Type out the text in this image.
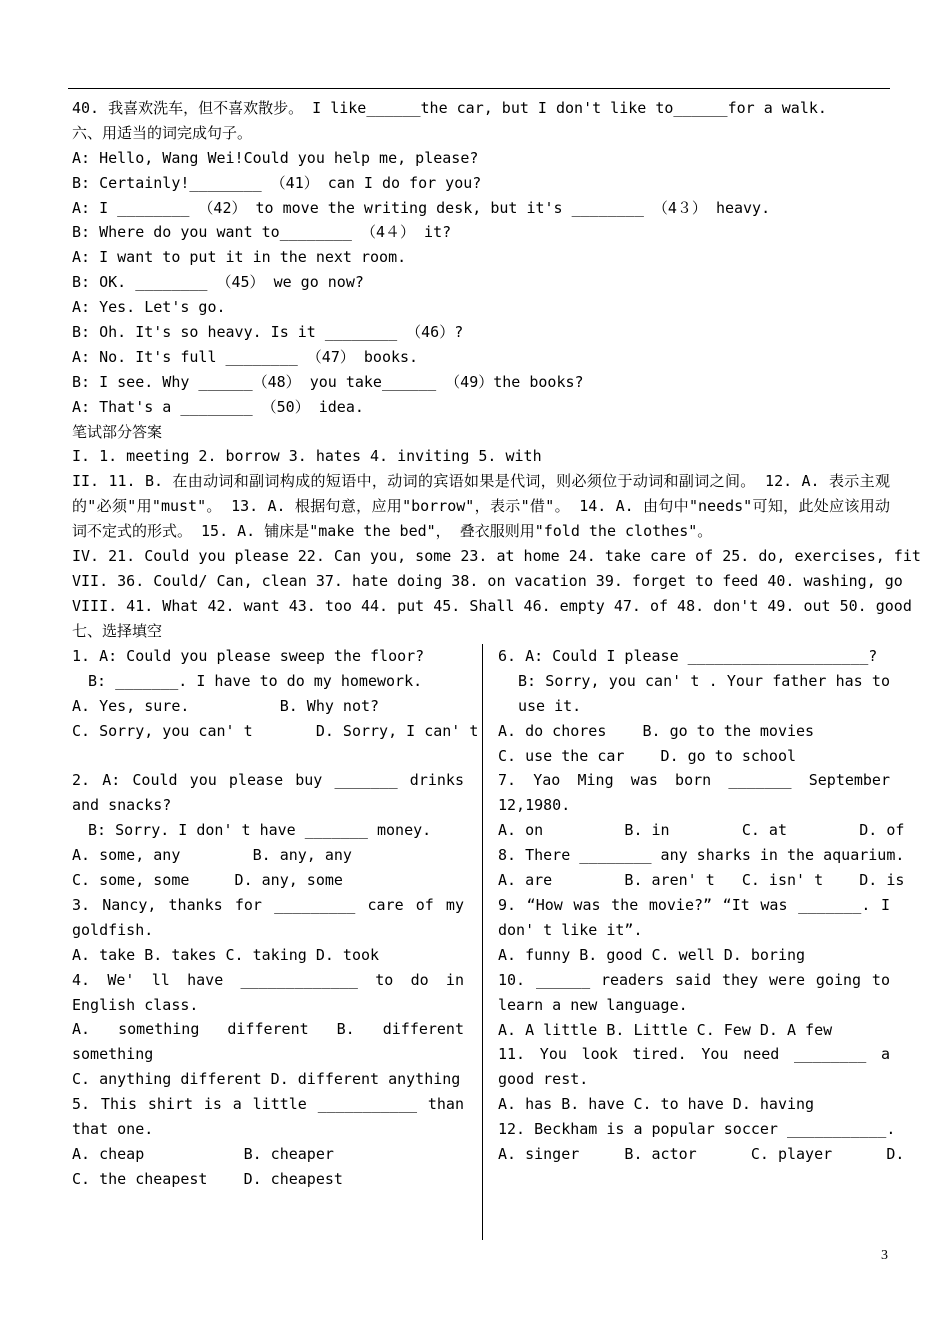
40. 我喜欢洗车，但不喜欢散步。 I like______the car, but I don't like to______for a walk.
六、用适当的词完成句子。
A: Hello, Wang Wei!Could you help me, please?
B: Certainly!________ （41） can I do for you?
A: I ________ （42） to move the writing desk, but it's ________ （4３） heavy.
B: Where do you want to________ （4４） it?
A: I want to put it in the next room.
B: OK. ________ （45） we go now?
A: Yes. Let's go.
B: Oh. It's so heavy. Is it ________ （46）?
A: No. It's full ________ （47） books.
B: I see. Why ______（48） you take______ （49）the books?
A: That's a ________ （50） idea.
笔试部分答案
I. 1. meeting 2. borrow 3. hates 4. inviting 5. with
II. 11. B. 在由动词和副词构成的短语中，动词的宾语如果是代词，则必须位于动词和副词之间。 12. A. 表示主观的"必须"用"must"。 13. A. 根据句意，应用"borrow"，表示"借"。 14. A. 由句中"needs"可知，此处应该用动词不定式的形式。 15. A. 铺床是"make the bed"， 叠衣服则用"fold the clothes"。
IV. 21. Could you please 22. Can you, some 23. at home 24. take care of 25. do, exercises, fit
VII. 36. Could/ Can, clean 37. hate doing 38. on vacation 39. forget to feed 40. washing, go
VIII. 41. What 42. want 43. too 44. put 45. Shall 46. empty 47. of 48. don't 49. out 50. good
七、选择填空
1. A: Could you please sweep the floor?
B: _______. I have to do my homework.
A. Yes, sure.          B. Why not?
C. Sorry, you can' t       D. Sorry, I can' t
2. A: Could you please buy _______ drinks and snacks?
B: Sorry. I don' t have _______ money.
A. some, any        B. any, any
C. some, some     D. any, some
3. Nancy, thanks for _________ care of my goldfish.
A. take B. takes C. taking D. took
4. We' ll have _____________ to do in English class.
A. something different B. different something
C. anything different D. different anything
5. This shirt is a little ___________ than that one.
A. cheap           B. cheaper
C. the cheapest    D. cheapest
6. A: Could I please ____________________?
B: Sorry, you can' t . Your father has to use it.
A. do chores    B. go to the movies
C. use the car    D. go to school
7. Yao Ming was born _______ September 12,1980.
A. on         B. in        C. at        D. of
8. There ________ any sharks in the aquarium.
A. are        B. aren' t   C. isn' t    D. is
9. “How was the movie?” “It was _______. I don' t like it”.
A. funny B. good C. well D. boring
10. ______ readers said they were going to learn a new language.
A. A little B. Little C. Few D. A few
11. You look tired. You need ________ a good rest.
A. has B. have C. to have D. having
12. Beckham is a popular soccer ___________.
A. singer     B. actor      C. player      D.
3
